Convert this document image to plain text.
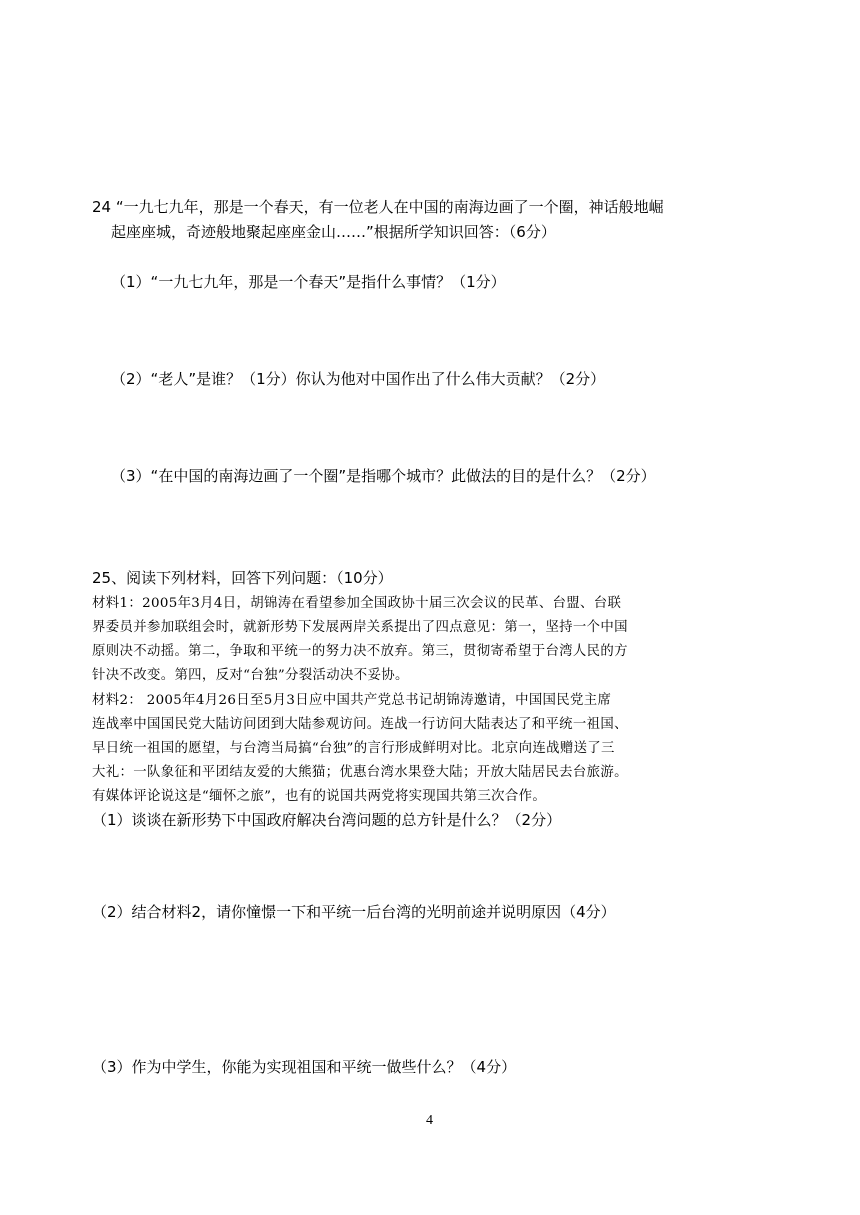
24 “一九七九年，那是一个春天，有一位老人在中国的南海边画了一个圈，神话般地崛

起座座城，奇迹般地聚起座座金山……”根据所学知识回答：（6分）

（1）“一九七九年，那是一个春天”是指什么事情？（1分）

（2）“老人”是谁？（1分）你认为他对中国作出了什么伟大贡献？（2分）

（3）“在中国的南海边画了一个圈”是指哪个城市？此做法的目的是什么？（2分）

25、阅读下列材料，回答下列问题：（10分）

材料1：2005年3月4日，胡锦涛在看望参加全国政协十届三次会议的民革、台盟、台联

界委员并参加联组会时，就新形势下发展两岸关系提出了四点意见：第一，坚持一个中国

原则决不动摇。第二，争取和平统一的努力决不放弃。第三，贯彻寄希望于台湾人民的方

针决不改变。第四，反对“台独”分裂活动决不妥协。

材料2： 2005年4月26日至5月3日应中国共产党总书记胡锦涛邀请，中国国民党主席

连战率中国国民党大陆访问团到大陆参观访问。连战一行访问大陆表达了和平统一祖国、

早日统一祖国的愿望，与台湾当局搞“台独”的言行形成鲜明对比。北京向连战赠送了三

大礼：一队象征和平团结友爱的大熊猫；优惠台湾水果登大陆；开放大陆居民去台旅游。

有媒体评论说这是“缅怀之旅”，也有的说国共两党将实现国共第三次合作。

（1）谈谈在新形势下中国政府解决台湾问题的总方针是什么？（2分）

（2）结合材料2，请你憧憬一下和平统一后台湾的光明前途并说明原因（4分）

（3）作为中学生，你能为实现祖国和平统一做些什么？（4分）

4
